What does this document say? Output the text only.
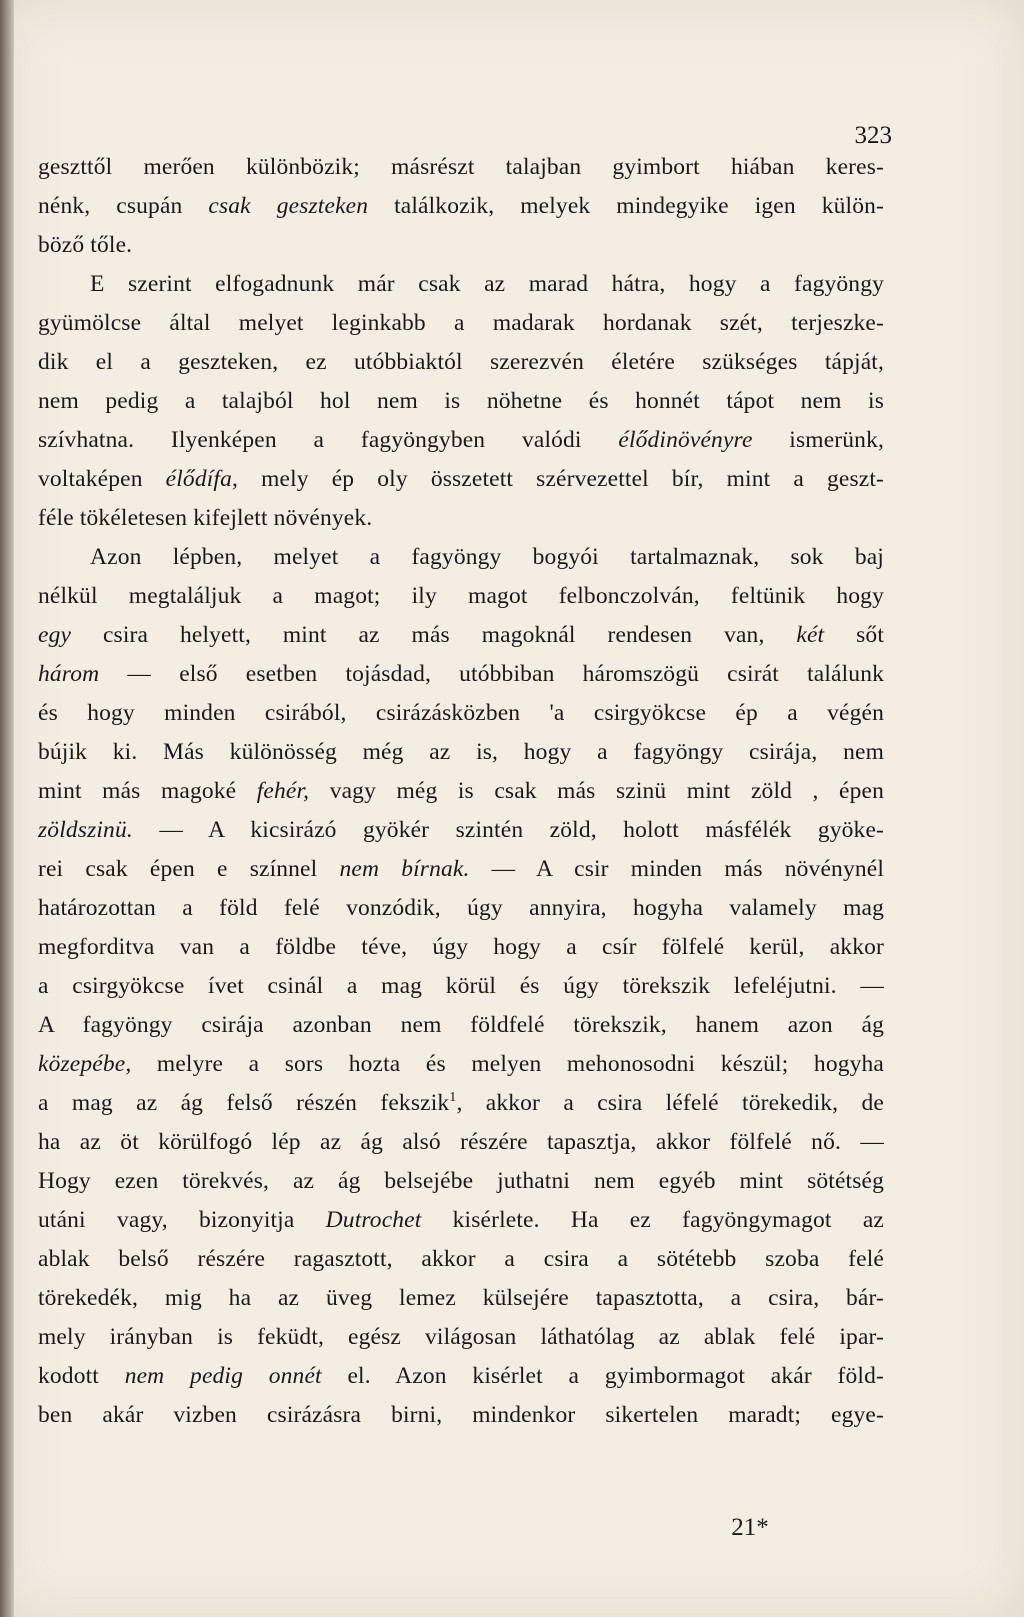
323
geszttől merően különbözik; másrészt talajban gyimbort hiában keres-
nénk, csupán csak geszteken találkozik, melyek mindegyike igen külön-
böző tőle.
E szerint elfogadnunk már csak az marad hátra, hogy a fagyöngy
gyümölcse által melyet leginkabb a madarak hordanak szét, terjeszke-
dik el a geszteken, ez utóbbiaktól szerezvén életére szükséges tápját,
nem pedig a talajból hol nem is nöhetne és honnét tápot nem is
szívhatna. Ilyenképen a fagyöngyben valódi élődinövényre ismerünk,
voltaképen élődífa, mely ép oly összetett szérvezettel bír, mint a geszt-
féle tökéletesen kifejlett növények.
Azon lépben, melyet a fagyöngy bogyói tartalmaznak, sok baj
nélkül megtaláljuk a magot; ily magot felbonczolván, feltünik hogy
egy csira helyett, mint az más magoknál rendesen van, két sőt
három — első esetben tojásdad, utóbbiban háromszögü csirát találunk
és hogy minden csirából, csirázásközben 'a csirgyökcse ép a végén
bújik ki. Más különösség még az is, hogy a fagyöngy csirája, nem
mint más magoké fehér, vagy még is csak más szinü mint zöld , épen
zöldszinü. — A kicsirázó gyökér szintén zöld, holott másfélék gyöke-
rei csak épen e színnel nem bírnak. — A csir minden más növénynél
határozottan a föld felé vonzódik, úgy annyira, hogyha valamely mag
megforditva van a földbe téve, úgy hogy a csír fölfelé kerül, akkor
a csirgyökcse ívet csinál a mag körül és úgy törekszik lefeléjutni. —
A fagyöngy csirája azonban nem földfelé törekszik, hanem azon ág
közepébe, melyre a sors hozta és melyen mehonosodni készül; hogyha
a mag az ág felső részén fekszik$^1$, akkor a csira léfelé törekedik, de
ha az öt körülfogó lép az ág alsó részére tapasztja, akkor fölfelé nő. —
Hogy ezen törekvés, az ág belsejébe juthatni nem egyéb mint sötétség
utáni vagy, bizonyitja Dutrochet kisérlete. Ha ez fagyöngymagot az
ablak belső részére ragasztott, akkor a csira a sötétebb szoba felé
törekedék, mig ha az üveg lemez külsejére tapasztotta, a csira, bár-
mely irányban is feküdt, egész világosan láthatólag az ablak felé ipar-
kodott nem pedig onnét el. Azon kisérlet a gyimbormagot akár föld-
ben akár vizben csirázásra birni, mindenkor sikertelen maradt; egye-
21*
